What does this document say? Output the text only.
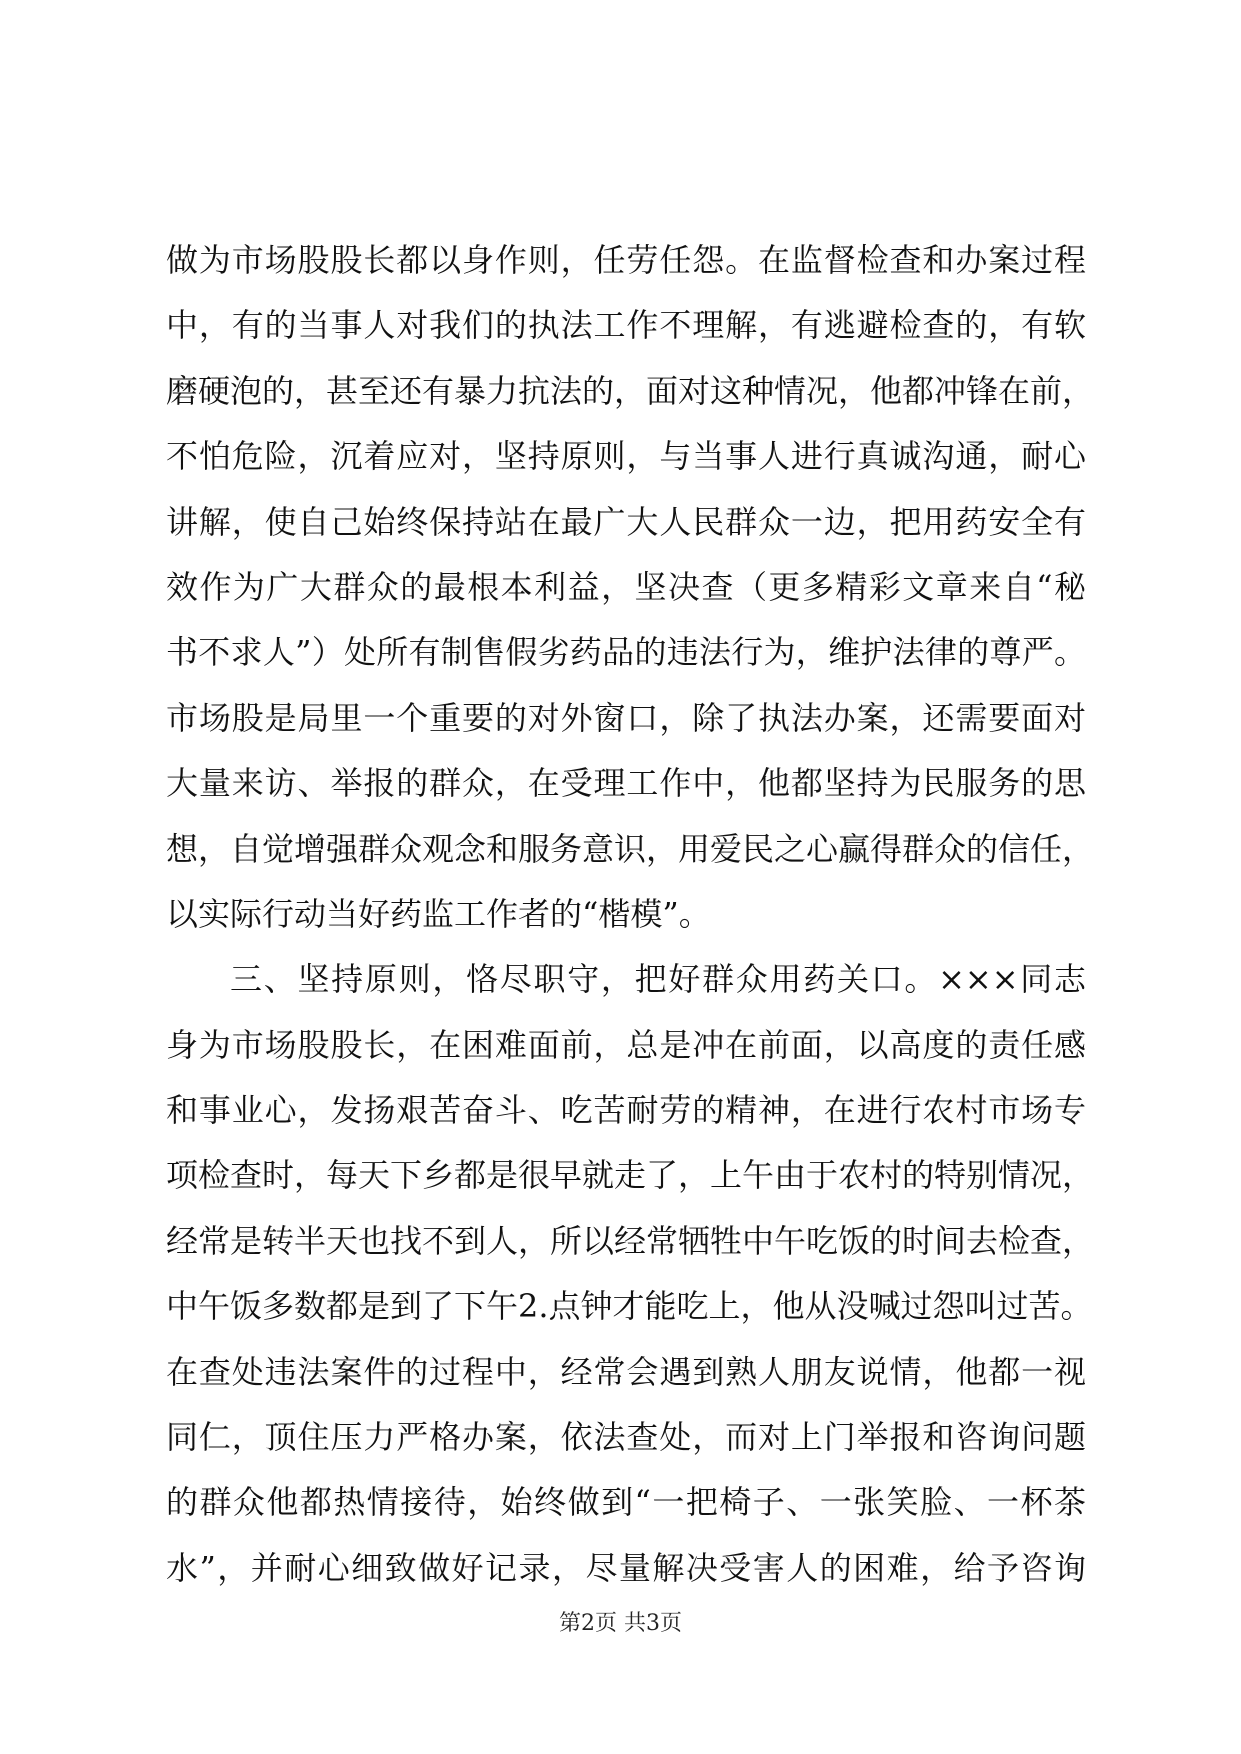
做为市场股股长都以身作则，任劳任怨。在监督检查和办案过程
中，有的当事人对我们的执法工作不理解，有逃避检查的，有软
磨硬泡的，甚至还有暴力抗法的，面对这种情况，他都冲锋在前，
不怕危险，沉着应对，坚持原则，与当事人进行真诚沟通，耐心
讲解，使自己始终保持站在最广大人民群众一边，把用药安全有
效作为广大群众的最根本利益，坚决查（更多精彩文章来自“秘
书不求人”）处所有制售假劣药品的违法行为，维护法律的尊严。
市场股是局里一个重要的对外窗口，除了执法办案，还需要面对
大量来访、举报的群众，在受理工作中，他都坚持为民服务的思
想，自觉增强群众观念和服务意识，用爱民之心赢得群众的信任，
以实际行动当好药监工作者的“楷模”。
三、坚持原则，恪尽职守，把好群众用药关口。×××同志
身为市场股股长，在困难面前，总是冲在前面，以高度的责任感
和事业心，发扬艰苦奋斗、吃苦耐劳的精神，在进行农村市场专
项检查时，每天下乡都是很早就走了，上午由于农村的特别情况，
经常是转半天也找不到人，所以经常牺牲中午吃饭的时间去检查，
中午饭多数都是到了下午2.点钟才能吃上，他从没喊过怨叫过苦。
在查处违法案件的过程中，经常会遇到熟人朋友说情，他都一视
同仁，顶住压力严格办案，依法查处，而对上门举报和咨询问题
的群众他都热情接待，始终做到“一把椅子、一张笑脸、一杯茶
水”，并耐心细致做好记录，尽量解决受害人的困难，给予咨询
第2页 共3页
